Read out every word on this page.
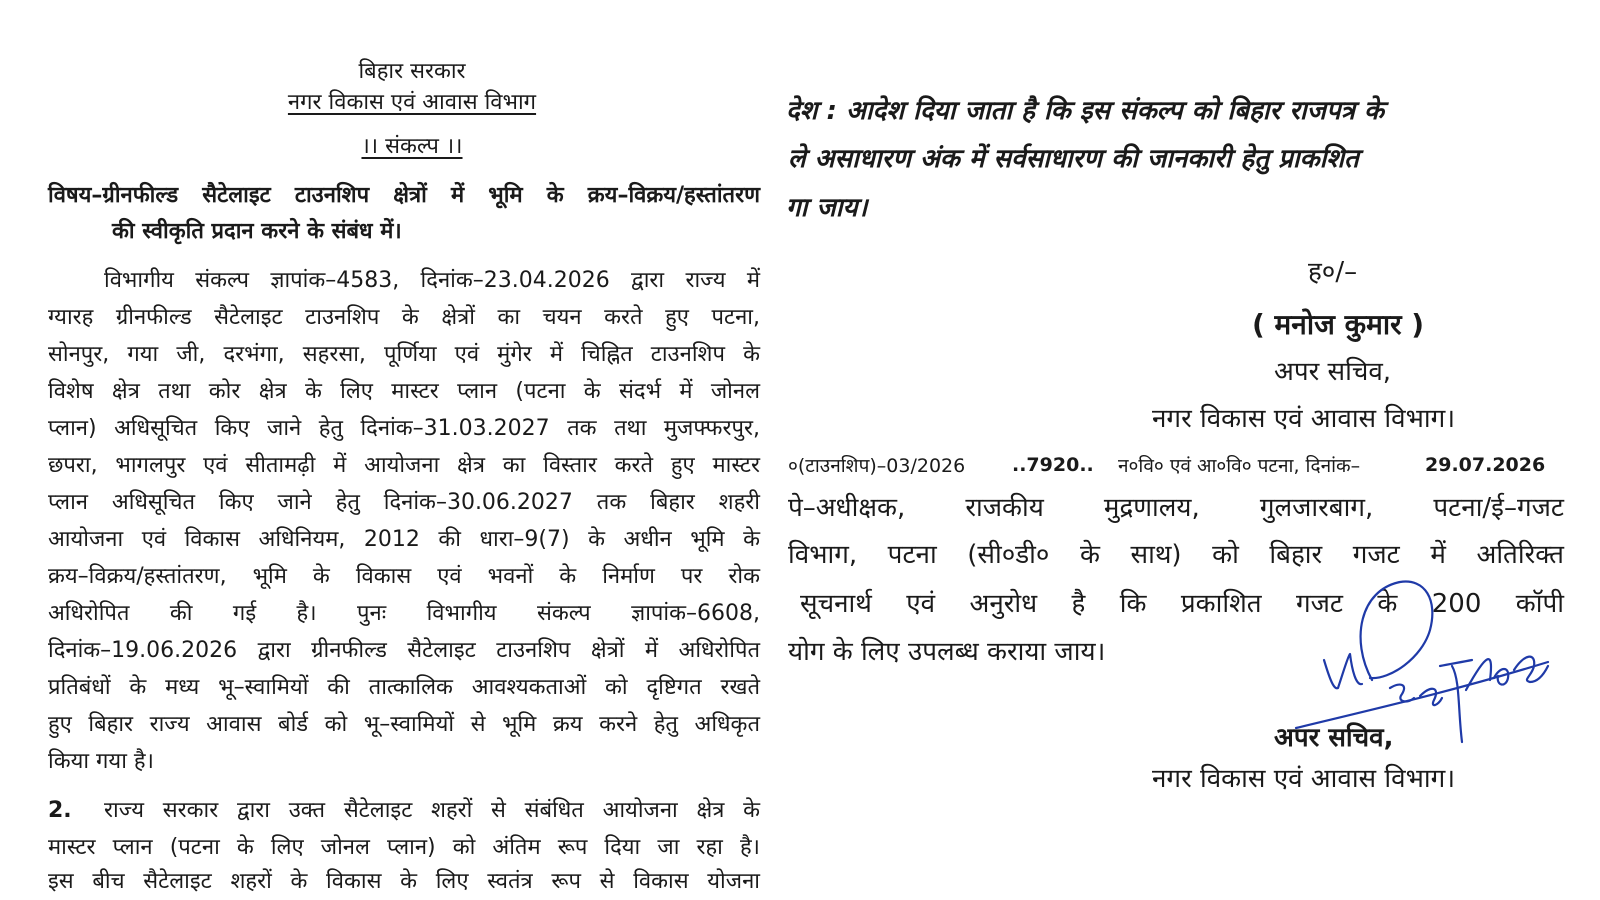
बिहार सरकार
नगर विकास एवं आवास विभाग
।। संकल्प ।।
विषय–ग्रीनफील्ड सैटेलाइट टाउनशिप क्षेत्रों में भूमि के क्रय–विक्रय/हस्तांतरण
की स्वीकृति प्रदान करने के संबंध में।
विभागीय संकल्प ज्ञापांक–4583, दिनांक–23.04.2026 द्वारा राज्य में
ग्यारह ग्रीनफील्ड सैटेलाइट टाउनशिप के क्षेत्रों का चयन करते हुए पटना,
सोनपुर, गया जी, दरभंगा, सहरसा, पूर्णिया एवं मुंगेर में चिह्नित टाउनशिप के
विशेष क्षेत्र तथा कोर क्षेत्र के लिए मास्टर प्लान (पटना के संदर्भ में जोनल
प्लान) अधिसूचित किए जाने हेतु दिनांक–31.03.2027 तक तथा मुजफ्फरपुर,
छपरा, भागलपुर एवं सीतामढ़ी में आयोजना क्षेत्र का विस्तार करते हुए मास्टर
प्लान अधिसूचित किए जाने हेतु दिनांक–30.06.2027 तक बिहार शहरी
आयोजना एवं विकास अधिनियम, 2012 की धारा–9(7) के अधीन भूमि के
क्रय–विक्रय/हस्तांतरण, भूमि के विकास एवं भवनों के निर्माण पर रोक
अधिरोपित की गई है। पुनः विभागीय संकल्प ज्ञापांक–6608,
दिनांक–19.06.2026 द्वारा ग्रीनफील्ड सैटेलाइट टाउनशिप क्षेत्रों में अधिरोपित
प्रतिबंधों के मध्य भू–स्वामियों की तात्कालिक आवश्यकताओं को दृष्टिगत रखते
हुए बिहार राज्य आवास बोर्ड को भू–स्वामियों से भूमि क्रय करने हेतु अधिकृत
किया गया है।
2. राज्य सरकार द्वारा उक्त सैटेलाइट शहरों से संबंधित आयोजना क्षेत्र के
मास्टर प्लान (पटना के लिए जोनल प्लान) को अंतिम रूप दिया जा रहा है।
इस बीच सैटेलाइट शहरों के विकास के लिए स्वतंत्र रूप से विकास योजना
देश : आदेश दिया जाता है कि इस संकल्प को बिहार राजपत्र के
ले असाधारण अंक में सर्वसाधारण की जानकारी हेतु प्राकशित
गा जाय।
ह०/–
( मनोज कुमार )
अपर सचिव,
नगर विकास एवं आवास विभाग।
०(टाउनशिप)–03/2026 ..7920.. न०वि० एवं आ०वि० पटना, दिनांक–	29.07.2026
पे–अधीक्षक, राजकीय मुद्रणालय, गुलजारबाग, पटना/ई–गजट
विभाग, पटना (सी०डी० के साथ) को बिहार गजट में अतिरिक्त
सूचनार्थ एवं अनुरोध है कि प्रकाशित गजट के 200 कॉपी
योग के लिए उपलब्ध कराया जाय।
अपर सचिव,
नगर विकास एवं आवास विभाग।
